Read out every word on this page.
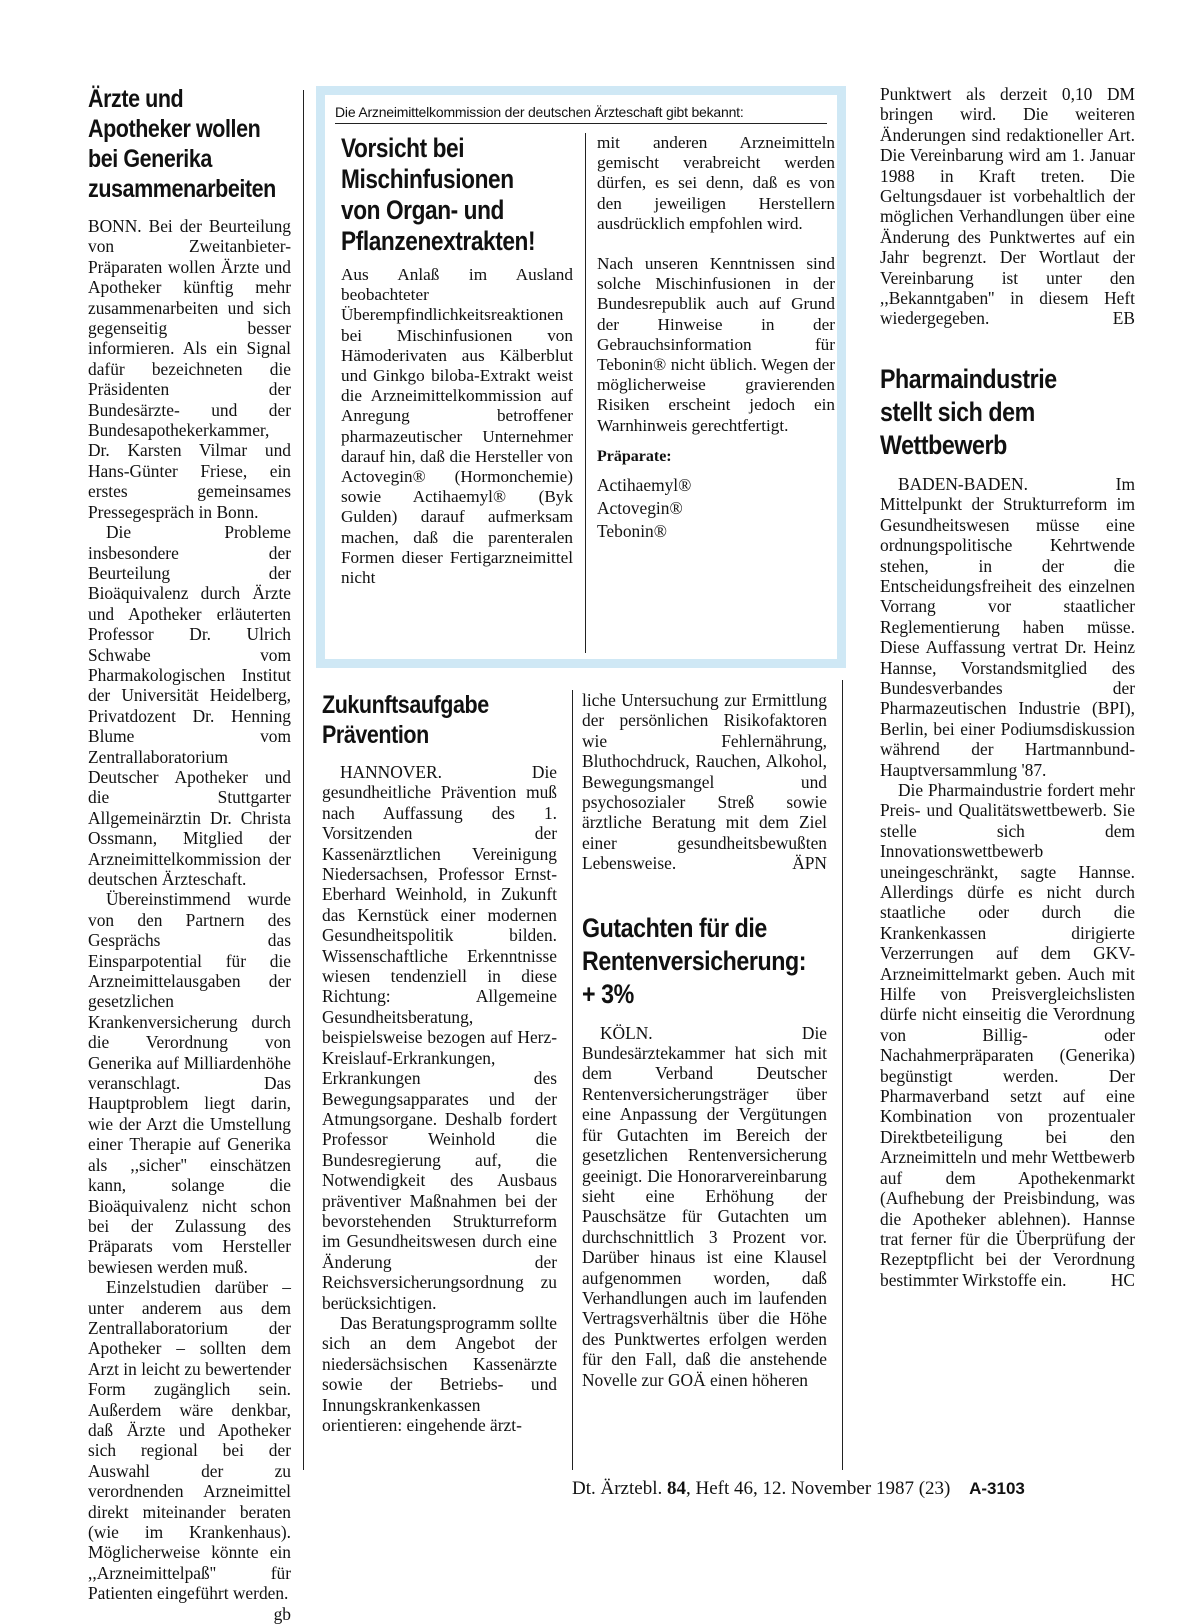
Ärzte und Apotheker wollen bei Generika zusammenarbeiten

BONN. Bei der Beurteilung von Zweitanbieter-Präparaten wollen Ärzte und Apotheker künftig mehr zusammenarbeiten und sich gegenseitig besser informieren. Als ein Signal dafür bezeichneten die Präsidenten der Bundesärzte- und der Bundesapothekerkammer, Dr. Karsten Vilmar und Hans-Günter Friese, ein erstes gemeinsames Pressegespräch in Bonn.

Die Probleme insbesondere der Beurteilung der Bioäquivalenz durch Ärzte und Apotheker erläuterten Professor Dr. Ulrich Schwabe vom Pharmakologischen Institut der Universität Heidelberg, Privatdozent Dr. Henning Blume vom Zentrallaboratorium Deutscher Apotheker und die Stuttgarter Allgemeinärztin Dr. Christa Ossmann, Mitglied der Arzneimittelkommission der deutschen Ärzteschaft.

Übereinstimmend wurde von den Partnern des Gesprächs das Einsparpotential für die Arzneimittelausgaben der gesetzlichen Krankenversicherung durch die Verordnung von Generika auf Milliardenhöhe veranschlagt. Das Hauptproblem liegt darin, wie der Arzt die Umstellung einer Therapie auf Generika als ,,sicher'' einschätzen kann, solange die Bioäquivalenz nicht schon bei der Zulassung des Präparats vom Hersteller bewiesen werden muß.

Einzelstudien darüber – unter anderem aus dem Zentrallaboratorium der Apotheker – sollten dem Arzt in leicht zu bewertender Form zugänglich sein. Außerdem wäre denkbar, daß Ärzte und Apotheker sich regional bei der Auswahl der zu verordnenden Arzneimittel direkt miteinander beraten (wie im Krankenhaus). Möglicherweise könnte ein ,,Arzneimittelpaß'' für Patienten eingeführt werden.
gb

Die Arzneimittelkommission der deutschen Ärzteschaft gibt bekannt:
Vorsicht bei Mischinfusionen von Organ- und Pflanzenextrakten!

Aus Anlaß im Ausland beobachteter Überempfindlichkeitsreaktionen bei Mischinfusionen von Hämoderivaten aus Kälberblut und Ginkgo biloba-Extrakt weist die Arzneimittelkommission auf Anregung betroffener pharmazeutischer Unternehmer darauf hin, daß die Hersteller von Actovegin® (Hormonchemie) sowie Actihaemyl® (Byk Gulden) darauf aufmerksam machen, daß die parenteralen Formen dieser Fertigarzneimittel nicht

mit anderen Arzneimitteln gemischt verabreicht werden dürfen, es sei denn, daß es von den jeweiligen Herstellern ausdrücklich empfohlen wird.

Nach unseren Kenntnissen sind solche Mischinfusionen in der Bundesrepublik auch auf Grund der Hinweise in der Gebrauchsinformation für Tebonin® nicht üblich. Wegen der möglicherweise gravierenden Risiken erscheint jedoch ein Warnhinweis gerechtfertigt.

Präparate:
Actihaemyl®
Actovegin®
Tebonin®
Zukunftsaufgabe Prävention

HANNOVER. Die gesundheitliche Prävention muß nach Auffassung des 1. Vorsitzenden der Kassenärztlichen Vereinigung Niedersachsen, Professor Ernst-Eberhard Weinhold, in Zukunft das Kernstück einer modernen Gesundheitspolitik bilden. Wissenschaftliche Erkenntnisse wiesen tendenziell in diese Richtung: Allgemeine Gesundheitsberatung, beispielsweise bezogen auf Herz-Kreislauf-Erkrankungen, Erkrankungen des Bewegungsapparates und der Atmungsorgane. Deshalb fordert Professor Weinhold die Bundesregierung auf, die Notwendigkeit des Ausbaus präventiver Maßnahmen bei der bevorstehenden Strukturreform im Gesundheitswesen durch eine Änderung der Reichsversicherungsordnung zu berücksichtigen.

Das Beratungsprogramm sollte sich an dem Angebot der niedersächsischen Kassenärzte sowie der Betriebs- und Innungskrankenkassen orientieren: eingehende ärzt-

liche Untersuchung zur Ermittlung der persönlichen Risikofaktoren wie Fehlernährung, Bluthochdruck, Rauchen, Alkohol, Bewegungsmangel und psychosozialer Streß sowie ärztliche Beratung mit dem Ziel einer gesundheitsbewußten Lebensweise.	ÄPN

Gutachten für die Rentenversicherung: + 3%

KÖLN. Die Bundesärztekammer hat sich mit dem Verband Deutscher Rentenversicherungsträger über eine Anpassung der Vergütungen für Gutachten im Bereich der gesetzlichen Rentenversicherung geeinigt. Die Honorarvereinbarung sieht eine Erhöhung der Pauschsätze für Gutachten um durchschnittlich 3 Prozent vor. Darüber hinaus ist eine Klausel aufgenommen worden, daß Verhandlungen auch im laufenden Vertragsverhältnis über die Höhe des Punktwertes erfolgen werden für den Fall, daß die anstehende Novelle zur GOÄ einen höheren

Punktwert als derzeit 0,10 DM bringen wird. Die weiteren Änderungen sind redaktioneller Art. Die Vereinbarung wird am 1. Januar 1988 in Kraft treten. Die Geltungsdauer ist vorbehaltlich der möglichen Verhandlungen über eine Änderung des Punktwertes auf ein Jahr begrenzt. Der Wortlaut der Vereinbarung ist unter den ,,Bekanntgaben'' in diesem Heft wiedergegeben.	EB

Pharmaindustrie stellt sich dem Wettbewerb

BADEN-BADEN. Im Mittelpunkt der Strukturreform im Gesundheitswesen müsse eine ordnungspolitische Kehrtwende stehen, in der die Entscheidungsfreiheit des einzelnen Vorrang vor staatlicher Reglementierung haben müsse. Diese Auffassung vertrat Dr. Heinz Hannse, Vorstandsmitglied des Bundesverbandes der Pharmazeutischen Industrie (BPI), Berlin, bei einer Podiumsdiskussion während der Hartmannbund-Hauptversammlung '87.

Die Pharmaindustrie fordert mehr Preis- und Qualitätswettbewerb. Sie stelle sich dem Innovationswettbewerb uneingeschränkt, sagte Hannse. Allerdings dürfe es nicht durch staatliche oder durch die Krankenkassen dirigierte Verzerrungen auf dem GKV-Arzneimittelmarkt geben. Auch mit Hilfe von Preisvergleichslisten dürfe nicht einseitig die Verordnung von Billig- oder Nachahmerpräparaten (Generika) begünstigt werden. Der Pharmaverband setzt auf eine Kombination von prozentualer Direktbeteiligung bei den Arzneimitteln und mehr Wettbewerb auf dem Apothekenmarkt (Aufhebung der Preisbindung, was die Apotheker ablehnen). Hannse trat ferner für die Überprüfung der Rezeptpflicht bei der Verordnung bestimmter Wirkstoffe ein.	HC

Dt. Ärztebl. 84, Heft 46, 12. November 1987 (23) A-3103
